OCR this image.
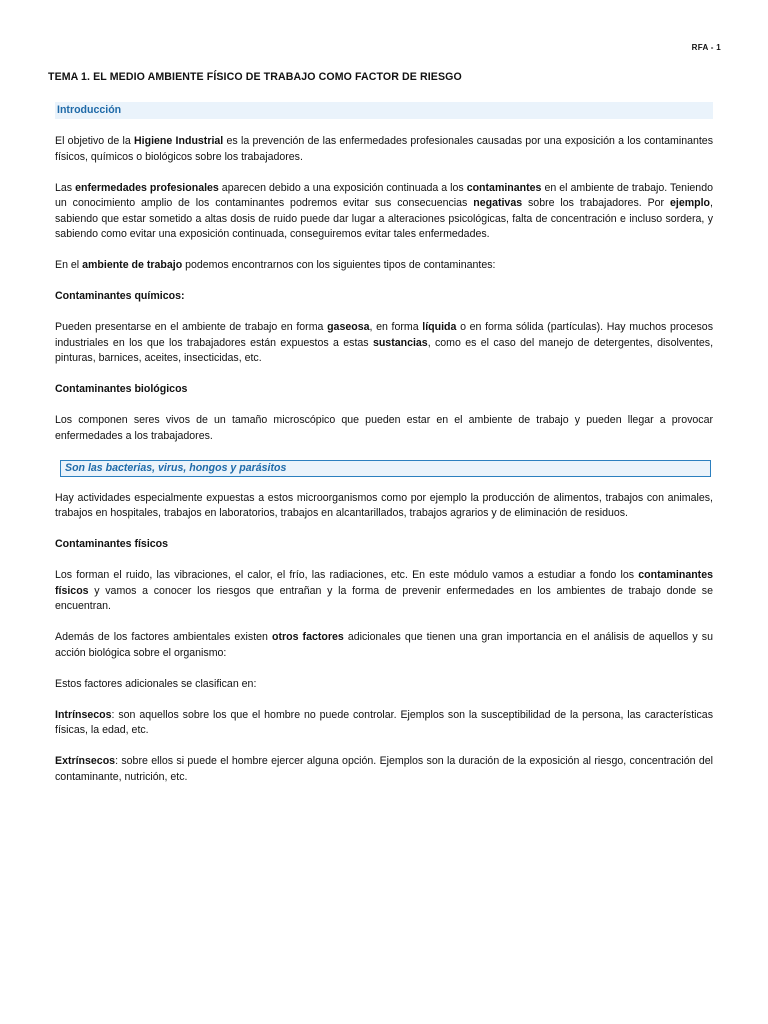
RFA - 1
TEMA 1. EL MEDIO AMBIENTE FÍSICO DE TRABAJO COMO FACTOR DE RIESGO
Introducción

El objetivo de la Higiene Industrial es la prevención de las enfermedades profesionales causadas por una exposición a los contaminantes físicos, químicos o biológicos sobre los trabajadores.

Las enfermedades profesionales aparecen debido a una exposición continuada a los contaminantes en el ambiente de trabajo. Teniendo un conocimiento amplio de los contaminantes podremos evitar sus consecuencias negativas sobre los trabajadores. Por ejemplo, sabiendo que estar sometido a altas dosis de ruido puede dar lugar a alteraciones psicológicas, falta de concentración e incluso sordera, y sabiendo como evitar una exposición continuada, conseguiremos evitar tales enfermedades.

En el ambiente de trabajo podemos encontrarnos con los siguientes tipos de contaminantes:

Contaminantes químicos:

Pueden presentarse en el ambiente de trabajo en forma gaseosa, en forma líquida o en forma sólida (partículas). Hay muchos procesos industriales en los que los trabajadores están expuestos a estas sustancias, como es el caso del manejo de detergentes, disolventes, pinturas, barnices, aceites, insecticidas, etc.

Contaminantes biológicos

Los componen seres vivos de un tamaño microscópico que pueden estar en el ambiente de trabajo y pueden llegar a provocar enfermedades a los trabajadores.

Son las bacterias, virus, hongos y parásitos

Hay actividades especialmente expuestas a estos microorganismos como por ejemplo la producción de alimentos, trabajos con animales, trabajos en hospitales, trabajos en laboratorios, trabajos en alcantarillados, trabajos agrarios y de eliminación de residuos.

Contaminantes físicos

Los forman el ruido, las vibraciones, el calor, el frío, las radiaciones, etc. En este módulo vamos a estudiar a fondo los contaminantes físicos y vamos a conocer los riesgos que entrañan y la forma de prevenir enfermedades en los ambientes de trabajo donde se encuentran.

Además de los factores ambientales existen otros factores adicionales que tienen una gran importancia en el análisis de aquellos y su acción biológica sobre el organismo:

Estos factores adicionales se clasifican en:

Intrínsecos: son aquellos sobre los que el hombre no puede controlar. Ejemplos son la susceptibilidad de la persona, las características físicas, la edad, etc.

Extrínsecos: sobre ellos si puede el hombre ejercer alguna opción. Ejemplos son la duración de la exposición al riesgo, concentración del contaminante, nutrición, etc.
